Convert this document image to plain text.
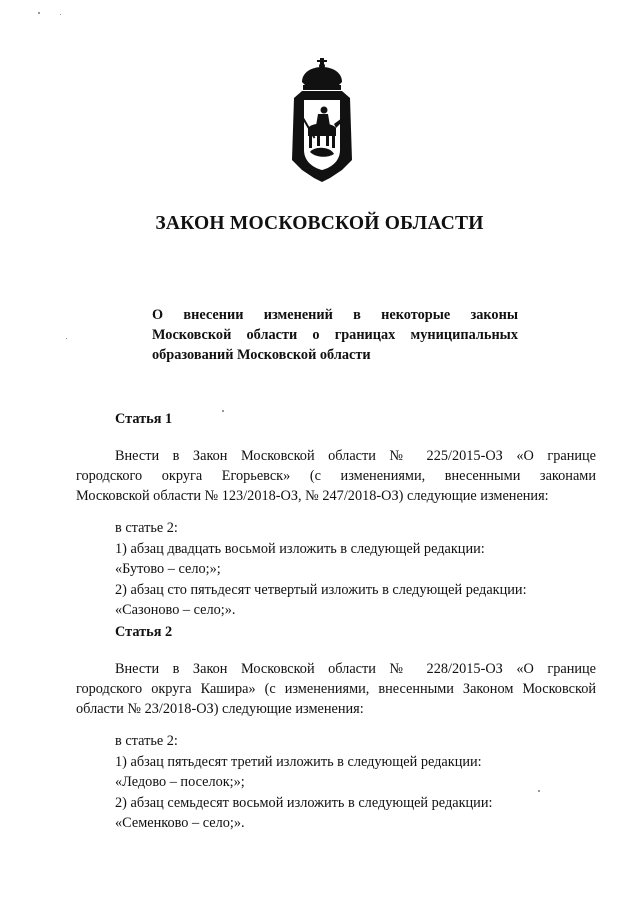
ЗАКОН МОСКОВСКОЙ ОБЛАСТИ
О внесении изменений в некоторые законы
Московской области о границах муниципальных
образований Московской области
Статья 1
Внести в Закон Московской области № 225/2015-ОЗ «О границе
городского округа Егорьевск» (с изменениями, внесенными законами
Московской области № 123/2018-ОЗ, № 247/2018-ОЗ) следующие изменения:
в статье 2:
1) абзац двадцать восьмой изложить в следующей редакции:
«Бутово – село;»;
2) абзац сто пятьдесят четвертый изложить в следующей редакции:
«Сазоново – село;».
Статья 2
Внести в Закон Московской области № 228/2015-ОЗ «О границе
городского округа Кашира» (с изменениями, внесенными Законом Московской
области № 23/2018-ОЗ) следующие изменения:
в статье 2:
1) абзац пятьдесят третий изложить в следующей редакции:
«Ледово – поселок;»;
2) абзац семьдесят восьмой изложить в следующей редакции:
«Семенково – село;».
